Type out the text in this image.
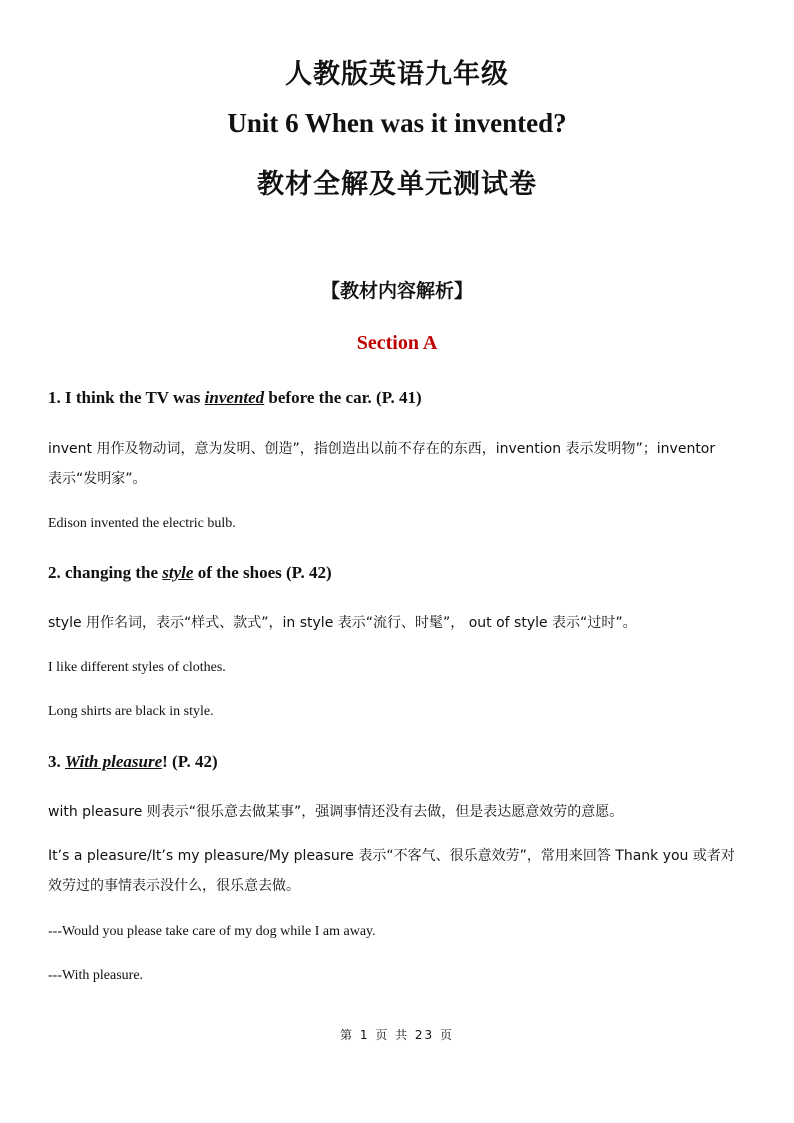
人教版英语九年级
Unit 6 When was it invented?
教材全解及单元测试卷
【教材内容解析】
Section A
1. I think the TV was invented before the car. (P. 41)
invent 用作及物动词，意为发明、创造”，指创造出以前不存在的东西，invention 表示发明物”；inventor
表示“发明家”。
Edison invented the electric bulb.
2. changing the style of the shoes (P. 42)
style 用作名词，表示“样式、款式”，in style 表示“流行、时髦”， out of style 表示“过时”。
I like different styles of clothes.
Long shirts are black in style.
3. With pleasure! (P. 42)
with pleasure 则表示“很乐意去做某事”，强调事情还没有去做，但是表达愿意效劳的意愿。
It’s a pleasure/It’s my pleasure/My pleasure 表示“不客气、很乐意效劳”，常用来回答 Thank you 或者对
效劳过的事情表示没什么，很乐意去做。
---Would you please take care of my dog while I am away.
---With pleasure.
第 1 页 共 23 页
